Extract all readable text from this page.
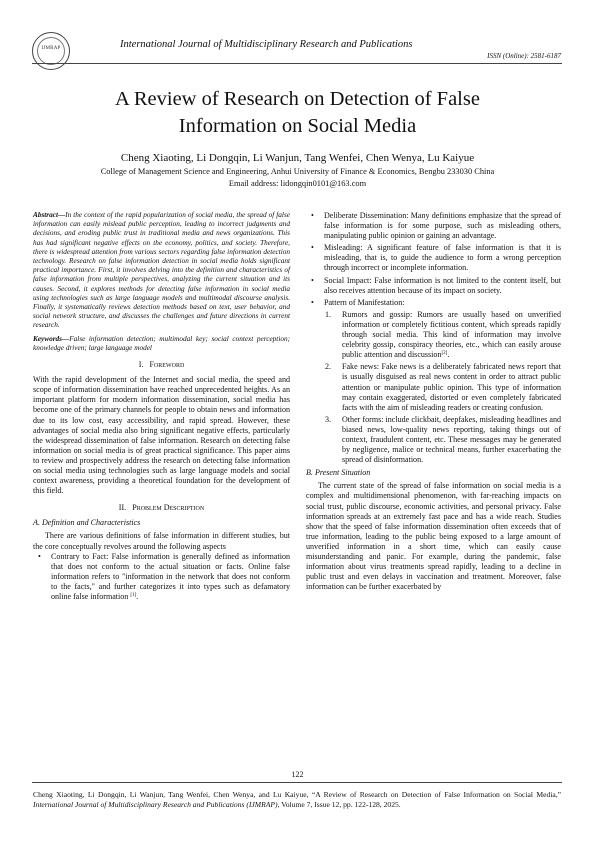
IJMRAP	International Journal of Multidisciplinary Research and Publications
ISSN (Online): 2581-6187
A Review of Research on Detection of False
Information on Social Media
Cheng Xiaoting, Li Dongqin, Li Wanjun, Tang Wenfei, Chen Wenya, Lu Kaiyue
College of Management Science and Engineering, Anhui University of Finance & Economics, Bengbu 233030 China
Email address: lidongqin0101@163.com

Abstract—In the context of the rapid popularization of social media, the spread of false information can easily mislead public perception, leading to incorrect judgments and decisions, and eroding public trust in traditional media and news organizations. This has had significant negative effects on the economy, politics, and society. Therefore, there is widespread attention from various sectors regarding false information detection technology. Research on false information detection in social media holds significant practical importance. First, it involves delving into the definition and characteristics of false information from multiple perspectives, analyzing the current situation and its causes. Second, it explores methods for detecting false information in social media using technologies such as large language models and multimodal discourse analysis. Finally, it systematically reviews detection methods based on text, user behavior, and social network structure, and discusses the challenges and future directions in current research.

Keywords—False information detection; multimodal key; social context perception; knowledge driven; large language model

I. Foreword

With the rapid development of the Internet and social media, the speed and scope of information dissemination have reached unprecedented heights. As an important platform for modern information dissemination, social media has become one of the primary channels for people to obtain news and information due to its low cost, easy accessibility, and rapid spread. However, these advantages of social media also bring significant negative effects, particularly the widespread dissemination of false information. Research on detecting false information on social media is of great practical significance. This paper aims to review and prospectively address the research on detecting false information on social media using technologies such as large language models and social context awareness, providing a theoretical foundation for the development of this field.

II. Problem Description

A. Definition and Characteristics

There are various definitions of false information in different studies, but the core conceptually revolves around the following aspects

• Contrary to Fact: False information is generally defined as information that does not conform to the actual situation or facts. Online false information refers to "information in the network that does not conform to the facts," and further categorizes it into types such as defamatory online false information [1].
• Deliberate Dissemination: Many definitions emphasize that the spread of false information is for some purpose, such as misleading others, manipulating public opinion or gaining an advantage.
• Misleading: A significant feature of false information is that it is misleading, that is, to guide the audience to form a wrong perception through incorrect or incomplete information.
• Social Impact: False information is not limited to the content itself, but also receives attention because of its impact on society.
• Pattern of Manifestation:
1. Rumors and gossip: Rumors are usually based on unverified information or completely fictitious content, which spreads rapidly through social media. This kind of information may involve celebrity gossip, conspiracy theories, etc., which can easily arouse public attention and discussion[2].
2. Fake news: Fake news is a deliberately fabricated news report that is usually disguised as real news content in order to attract public attention or manipulate public opinion. This type of information may contain exaggerated, distorted or even completely fabricated facts with the aim of misleading readers or creating confusion.
3. Other forms: include clickbait, deepfakes, misleading headlines and biased news, low-quality news reporting, taking things out of context, fraudulent content, etc. These messages may be generated by negligence, malice or technical means, further exacerbating the spread of disinformation.

B. Present Situation

The current state of the spread of false information on social media is a complex and multidimensional phenomenon, with far-reaching impacts on social trust, public discourse, economic activities, and personal privacy. False information spreads at an extremely fast pace and has a wide reach. Studies show that the speed of false information dissemination often exceeds that of true information, leading to the public being exposed to a large amount of unverified information in a short time, which can easily cause misunderstanding and panic. For example, during the pandemic, false information about virus treatments spread rapidly, leading to a decline in public trust and even delays in vaccination and treatment. Moreover, false information can be further exacerbated by

122
Cheng Xiaoting, Li Dongqin, Li Wanjun, Tang Wenfei, Chen Wenya, and Lu Kaiyue, “A Review of Research on Detection of False Information on Social Media,” International Journal of Multidisciplinary Research and Publications (IJMRAP), Volume 7, Issue 12, pp. 122-128, 2025.
